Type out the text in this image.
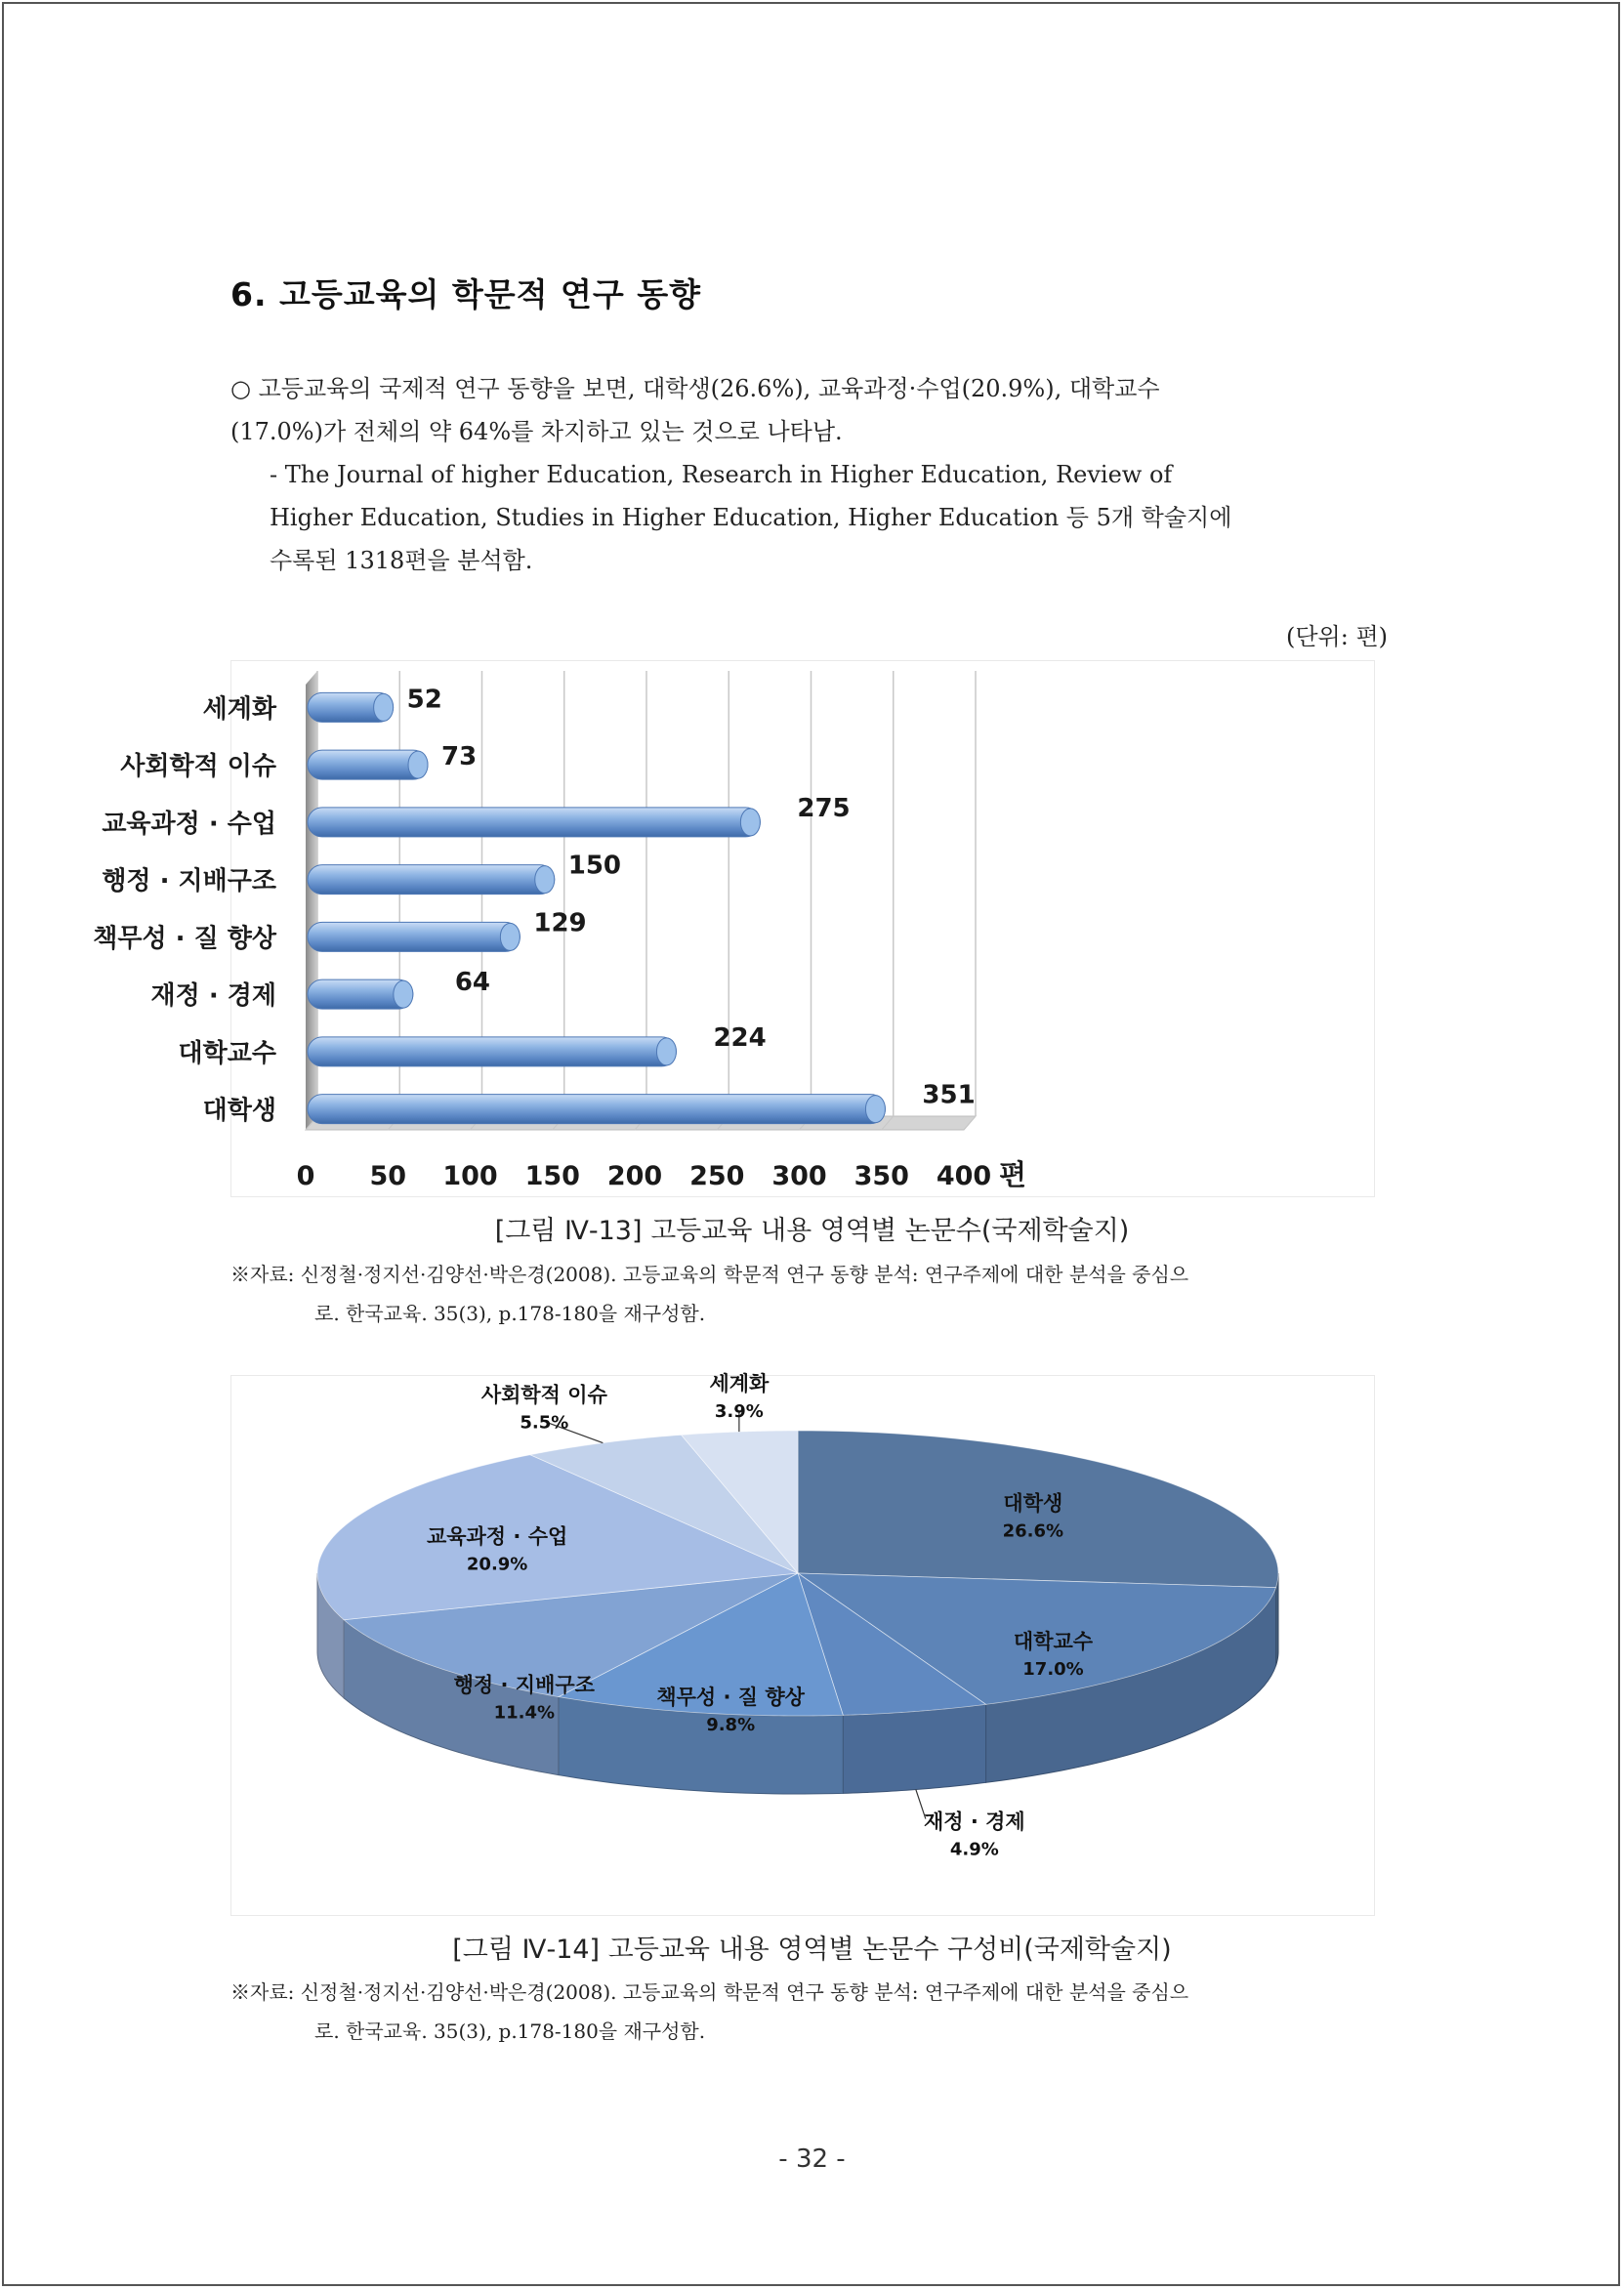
6. 고등교육의 학문적 연구 동향
○ 고등교육의 국제적 연구 동향을 보면, 대학생(26.6%), 교육과정·수업(20.9%), 대학교수
(17.0%)가 전체의 약 64%를 차지하고 있는 것으로 나타남.
- The Journal of higher Education, Research in Higher Education, Review of
Higher Education, Studies in Higher Education, Higher Education 등 5개 학술지에
수록된 1318편을 분석함.
(단위: 편)
세계화
사회학적 이슈
교육과정 · 수업
행정 · 지배구조
책무성 · 질 향상
재정 · 경제
대학교수
대학생
52
73
275
150
129
64
224
351
0 50 100 150 200 250 300 350 400 편
[그림 Ⅳ-13] 고등교육 내용 영역별 논문수(국제학술지)
※자료: 신정철·정지선·김양선·박은경(2008). 고등교육의 학문적 연구 동향 분석: 연구주제에 대한 분석을 중심으
로. 한국교육. 35(3), p.178-180을 재구성함.
대학생
26.6%
대학교수
17.0%
재정 · 경제
4.9%
책무성 · 질 향상
9.8%
행정 · 지배구조
11.4%
교육과정 · 수업
20.9%
사회학적 이슈
5.5%
세계화
3.9%
[그림 Ⅳ-14] 고등교육 내용 영역별 논문수 구성비(국제학술지)
※자료: 신정철·정지선·김양선·박은경(2008). 고등교육의 학문적 연구 동향 분석: 연구주제에 대한 분석을 중심으
로. 한국교육. 35(3), p.178-180을 재구성함.
- 32 -
